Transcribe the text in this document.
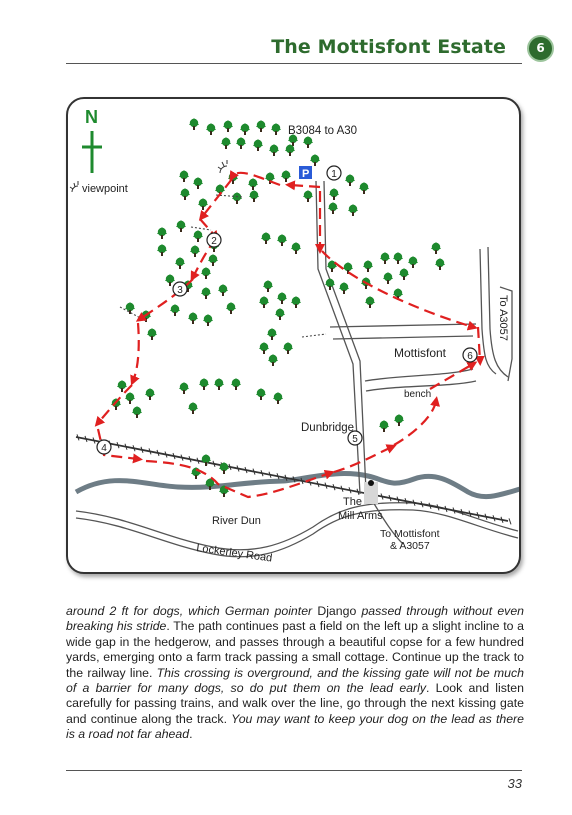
The Mottisfont Estate	6
N
viewpoint
P 1
2
3
4
5
6
B3084 to A30
To A3057
Mottisfont
bench
Dunbridge
The
Mill Arms
River Dun
To Mottisfont
& A3057
Lockerley Road
around 2 ft for dogs, which German pointer Django passed through without even breaking his stride. The path continues past a field on the left up a slight incline to a wide gap in the hedgerow, and passes through a beautiful copse for a few hundred yards, emerging onto a farm track passing a small cottage. Continue up the track to the railway line. This crossing is overground, and the kissing gate will not be much of a barrier for many dogs, so do put them on the lead early. Look and listen carefully for passing trains, and walk over the line, go through the next kissing gate and continue along the track. You may want to keep your dog on the lead as there is a road not far ahead.
33
